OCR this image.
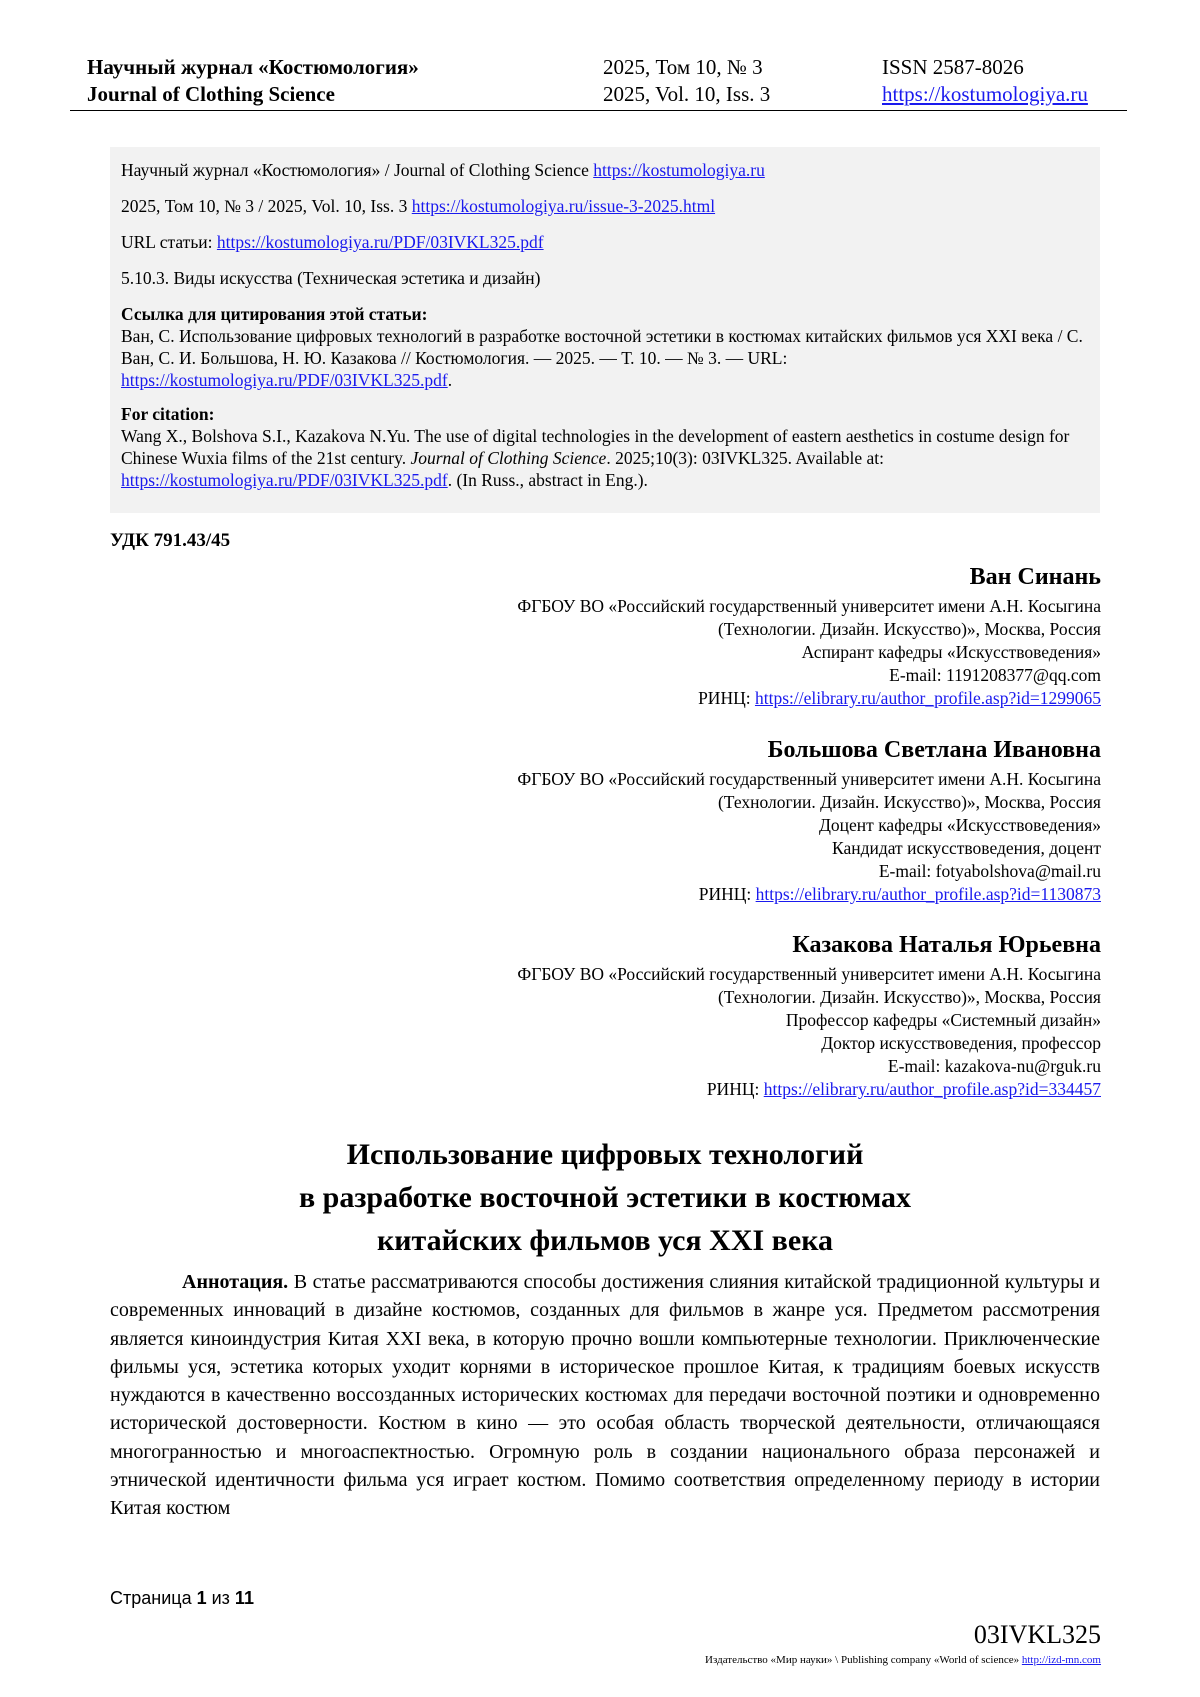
Научный журнал «Костюмология»
Journal of Clothing Science
2025, Том 10, № 3
2025, Vol. 10, Iss. 3
ISSN 2587-8026
https://kostumologiya.ru

Научный журнал «Костюмология» / Journal of Clothing Science https://kostumologiya.ru

2025, Том 10, № 3 / 2025, Vol. 10, Iss. 3 https://kostumologiya.ru/issue-3-2025.html

URL статьи: https://kostumologiya.ru/PDF/03IVKL325.pdf

5.10.3. Виды искусства (Техническая эстетика и дизайн)

Ссылка для цитирования этой статьи:
Ван, С. Использование цифровых технологий в разработке восточной эстетики в костюмах китайских фильмов уся XXI века / С. Ван, С. И. Большова, Н. Ю. Казакова // Костюмология. — 2025. — Т. 10. — № 3. — URL: https://kostumologiya.ru/PDF/03IVKL325.pdf.

For citation:
Wang X., Bolshova S.I., Kazakova N.Yu. The use of digital technologies in the development of eastern aesthetics in costume design for Chinese Wuxia films of the 21st century. Journal of Clothing Science. 2025;10(3): 03IVKL325. Available at: https://kostumologiya.ru/PDF/03IVKL325.pdf. (In Russ., abstract in Eng.).

УДК 791.43/45
Ван Синань
ФГБОУ ВО «Российский государственный университет имени А.Н. Косыгина
(Технологии. Дизайн. Искусство)», Москва, Россия
Аспирант кафедры «Искусствоведения»
E-mail: 1191208377@qq.com
РИНЦ: https://elibrary.ru/author_profile.asp?id=1299065
Большова Светлана Ивановна
ФГБОУ ВО «Российский государственный университет имени А.Н. Косыгина
(Технологии. Дизайн. Искусство)», Москва, Россия
Доцент кафедры «Искусствоведения»
Кандидат искусствоведения, доцент
E-mail: fotyabolshova@mail.ru
РИНЦ: https://elibrary.ru/author_profile.asp?id=1130873
Казакова Наталья Юрьевна
ФГБОУ ВО «Российский государственный университет имени А.Н. Косыгина
(Технологии. Дизайн. Искусство)», Москва, Россия
Профессор кафедры «Системный дизайн»
Доктор искусствоведения, профессор
E-mail: kazakova-nu@rguk.ru
РИНЦ: https://elibrary.ru/author_profile.asp?id=334457
Использование цифровых технологий
в разработке восточной эстетики в костюмах
китайских фильмов уся XXI века
Аннотация. В статье рассматриваются способы достижения слияния китайской традиционной культуры и современных инноваций в дизайне костюмов, созданных для фильмов в жанре уся. Предметом рассмотрения является киноиндустрия Китая XXI века, в которую прочно вошли компьютерные технологии. Приключенческие фильмы уся, эстетика которых уходит корнями в историческое прошлое Китая, к традициям боевых искусств нуждаются в качественно воссозданных исторических костюмах для передачи восточной поэтики и одновременно исторической достоверности. Костюм в кино — это особая область творческой деятельности, отличающаяся многогранностью и многоаспектностью. Огромную роль в создании национального образа персонажей и этнической идентичности фильма уся играет костюм. Помимо соответствия определенному периоду в истории Китая костюм
Страница 1 из 11
03IVKL325
Издательство «Мир науки» \ Publishing company «World of science» http://izd-mn.com
